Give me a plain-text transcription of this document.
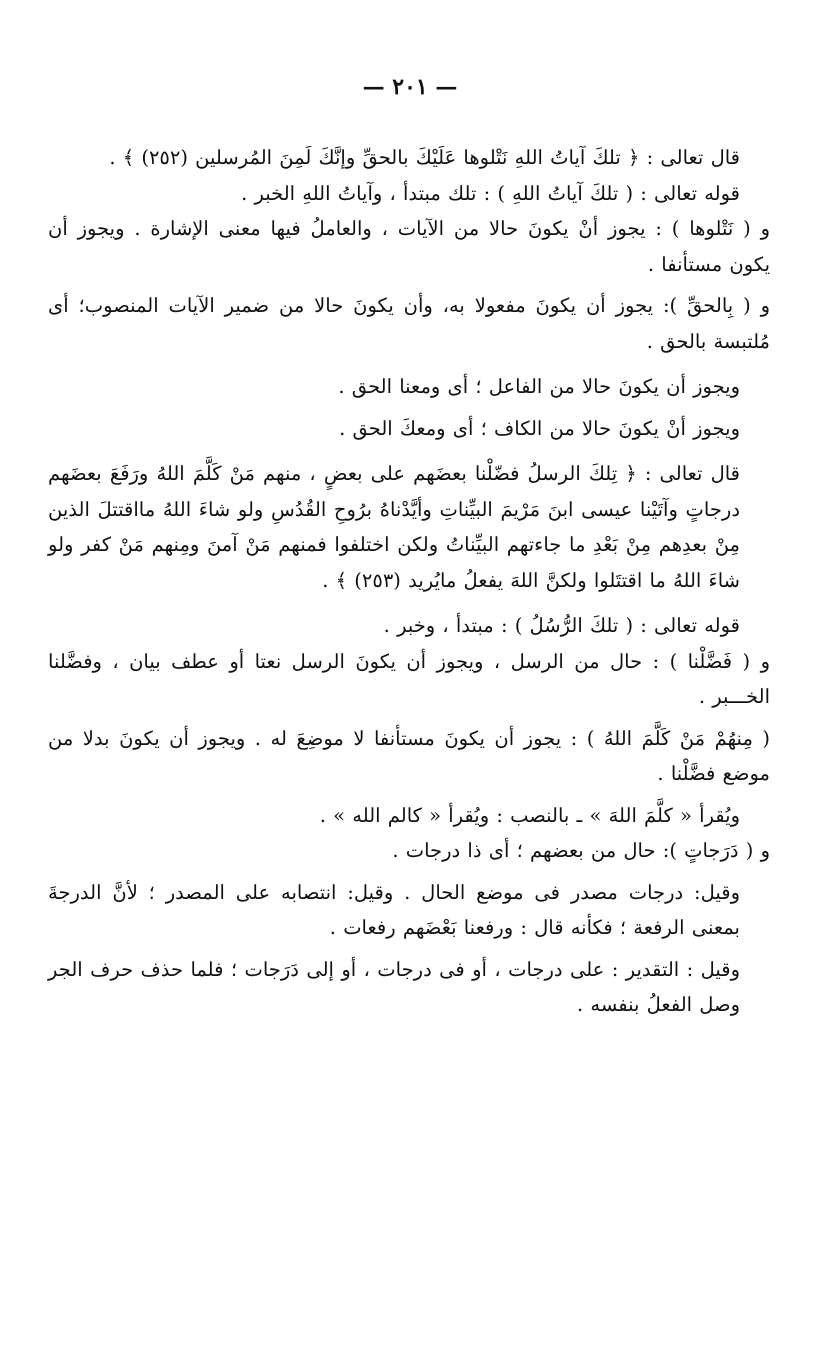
— ٢٠١ —

قال تعالى : ﴿ تلكَ آياتُ اللهِ نَتْلوها عَلَيْكَ بالحقِّ وإنَّكَ لَمِنَ المُرسلين (٢٥٢) ﴾ .

قوله تعالى : ( تلكَ آياتُ اللهِ ) : تلك مبتدأ ، وآياتُ اللهِ الخبر .

و ( نَتْلوها ) : يجوز أنْ يكونَ حالا من الآيات ، والعاملُ فيها معنى الإشارة . ويجوز أن يكون مستأنفا .

و ( بِالحقِّ ): يجوز أن يكونَ مفعولا به، وأن يكونَ حالا من ضمير الآيات المنصوب؛ أى مُلتبسة بالحق .

ويجوز أن يكونَ حالا من الفاعل ؛ أى ومعنا الحق .

ويجوز أنْ يكونَ حالا من الكاف ؛ أى ومعكَ الحق .

قال تعالى : ﴿ تِلكَ الرسلُ فضّلْنا بعضَهم على بعضٍ ، منهم مَنْ كَلَّمَ اللهُ ورَفَعَ بعضَهم درجاتٍ وآتَيْنا عيسى ابنَ مَرْيمَ البيِّناتِ وأيَّدْناهُ برُوحِ القُدُسِ ولو شاءَ اللهُ مااقتتلَ الذين مِنْ بعدِهم مِنْ بَعْدِ ما جاءتهم البيِّناتُ ولكن اختلفوا فمنهم مَنْ آمنَ ومِنهم مَنْ كفر ولو شاءَ اللهُ ما اقتتَلوا ولكنَّ اللهَ يفعلُ مايُريد (٢٥٣) ﴾ .

قوله تعالى : ( تلكَ الرُّسُلُ ) : مبتدأ ، وخبر .

و ( فَضَّلْنا ) : حال من الرسل ، ويجوز أن يكونَ الرسل نعتا أو عطف بيان ، وفضَّلنا الخـــبر .

( مِنهُمْ مَنْ كَلَّمَ اللهُ ) : يجوز أن يكونَ مستأنفا لا موضِعَ له . ويجوز أن يكونَ بدلا من موضع فضَّلْنا .

ويُقرأ « كلَّمَ اللهَ » ـ بالنصب : ويُقرأ « كالم الله » .

و ( دَرَجاتٍ ): حال من بعضهم ؛ أى ذا درجات .

وقيل: درجات مصدر فى موضع الحال . وقيل: انتصابه على المصدر ؛ لأنَّ الدرجةَ بمعنى الرفعة ؛ فكأنه قال : ورفعنا بَعْضَهم رفعات .

وقيل : التقدير : على درجات ، أو فى درجات ، أو إلى دَرَجات ؛ فلما حذف حرف الجر وصل الفعلُ بنفسه .
